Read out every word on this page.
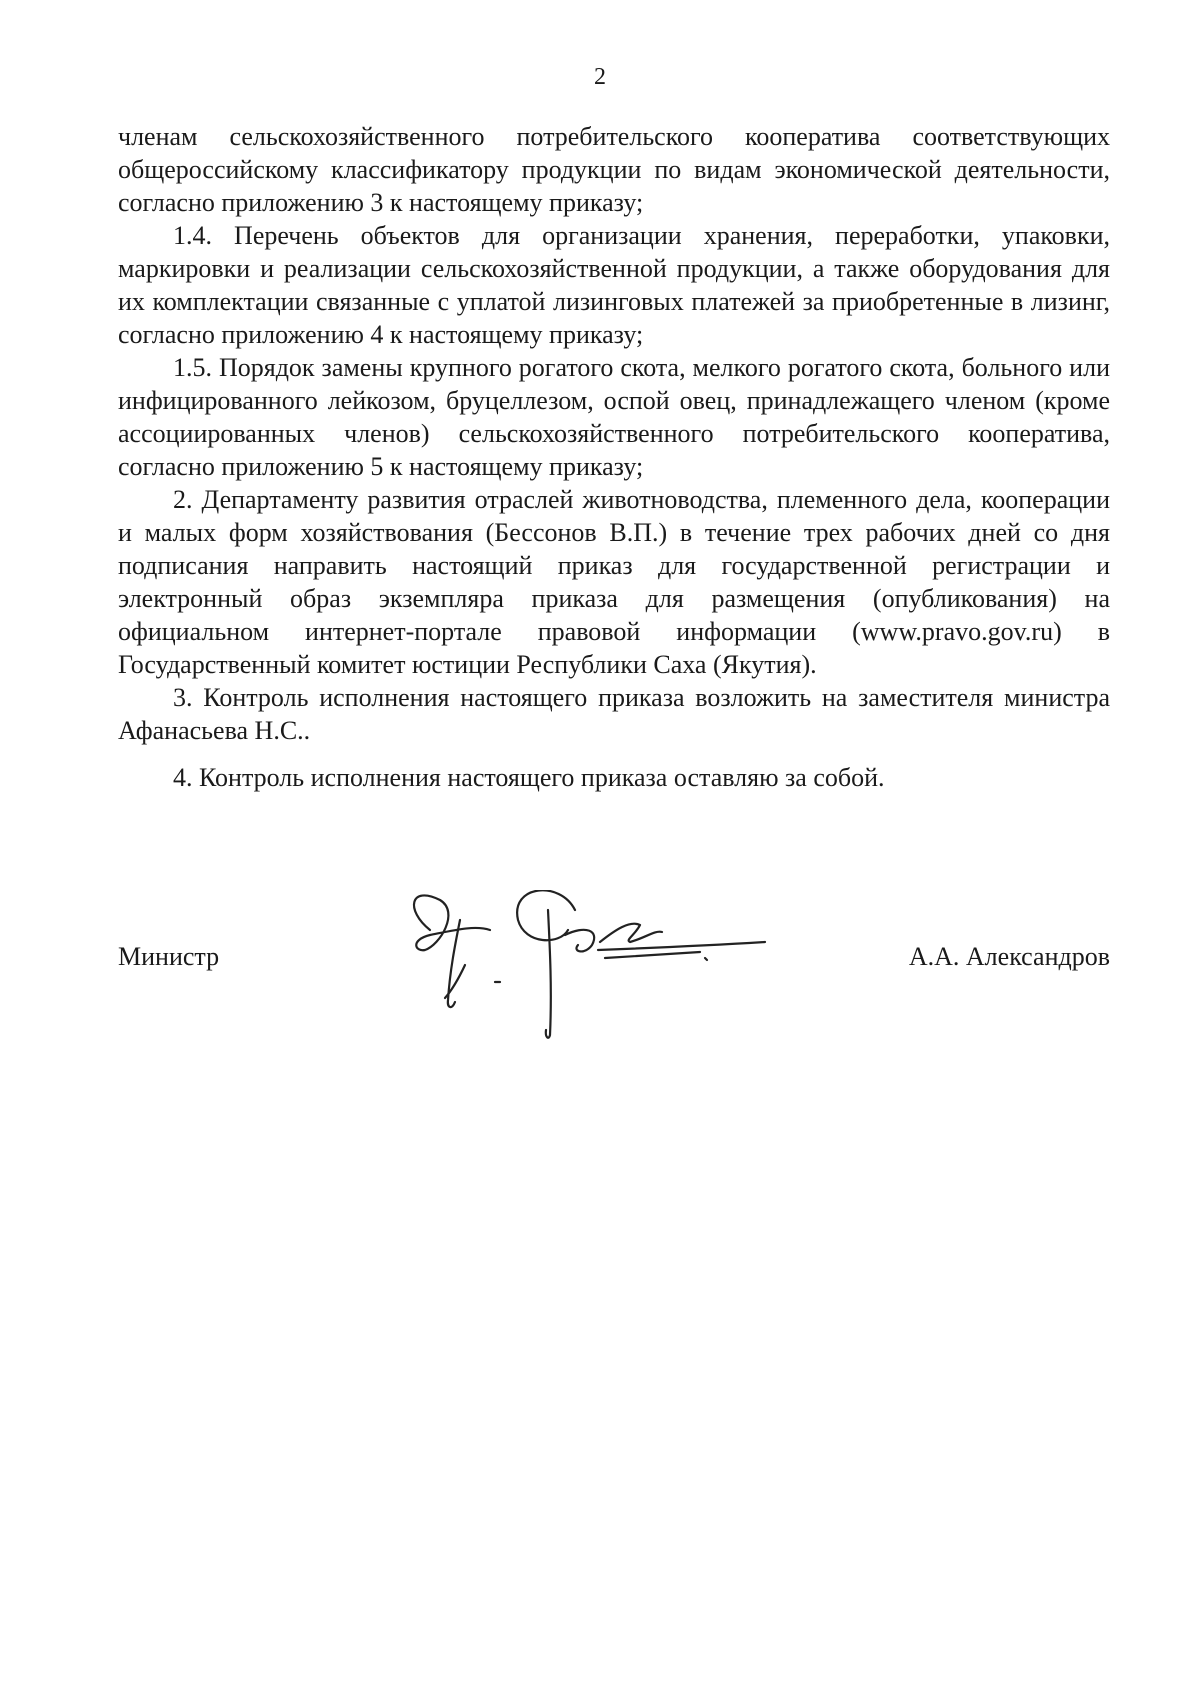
2

членам сельскохозяйственного потребительского кооператива соответствующих общероссийскому классификатору продукции по видам экономической деятельности, согласно приложению 3 к настоящему приказу;

1.4. Перечень объектов для организации хранения, переработки, упаковки, маркировки и реализации сельскохозяйственной продукции, а также оборудования для их комплектации связанные с уплатой лизинговых платежей за приобретенные в лизинг, согласно приложению 4 к настоящему приказу;

1.5. Порядок замены крупного рогатого скота, мелкого рогатого скота, больного или инфицированного лейкозом, бруцеллезом, оспой овец, принадлежащего членом (кроме ассоциированных членов) сельскохозяйственного потребительского кооператива, согласно приложению 5 к настоящему приказу;

2. Департаменту развития отраслей животноводства, племенного дела, кооперации и малых форм хозяйствования (Бессонов В.П.) в течение трех рабочих дней со дня подписания направить настоящий приказ для государственной регистрации и электронный образ экземпляра приказа для размещения (опубликования) на официальном интернет-портале правовой информации (www.pravo.gov.ru) в Государственный комитет юстиции Республики Саха (Якутия).

3. Контроль исполнения настоящего приказа возложить на заместителя министра Афанасьева Н.С..

4. Контроль исполнения настоящего приказа оставляю за собой.

Министр	А.А. Александров
